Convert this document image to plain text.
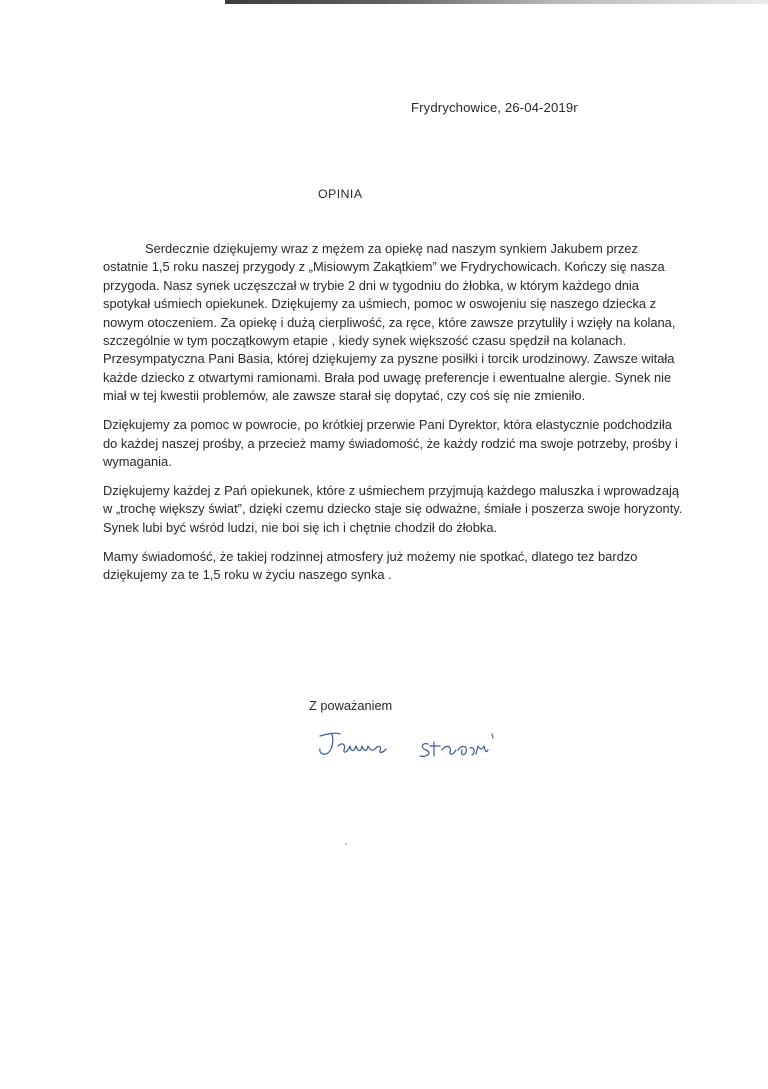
Frydrychowice, 26-04-2019r
OPINIA

Serdecznie dziękujemy wraz z mężem za opiekę nad naszym synkiem Jakubem przez ostatnie 1,5 roku naszej przygody z „Misiowym Zakątkiem” we Frydrychowicach. Kończy się nasza przygoda. Nasz synek uczęszczał w trybie 2 dni w tygodniu do żłobka, w którym każdego dnia spotykał uśmiech opiekunek. Dziękujemy za uśmiech, pomoc w oswojeniu się naszego dziecka z nowym otoczeniem. Za opiekę i dużą cierpliwość, za ręce, które zawsze przytuliły i wzięły na kolana, szczególnie w tym początkowym etapie , kiedy synek większość czasu spędził na kolanach. Przesympatyczna Pani Basia, której dziękujemy za pyszne posiłki i torcik urodzinowy. Zawsze witała każde dziecko z otwartymi ramionami. Brała pod uwagę preferencje i ewentualne alergie. Synek nie miał w tej kwestii problemów, ale zawsze starał się dopytać, czy coś się nie zmieniło.

Dziękujemy za pomoc w powrocie, po krótkiej przerwie Pani Dyrektor, która elastycznie podchodziła do każdej naszej prośby, a przecież mamy świadomość, że każdy rodzić ma swoje potrzeby, prośby i wymagania.

Dziękujemy każdej z Pań opiekunek, które z uśmiechem przyjmują każdego maluszka i wprowadzają w „trochę większy świat”, dzięki czemu dziecko staje się odważne, śmiałe i poszerza swoje horyzonty. Synek lubi być wśród ludzi, nie boi się ich i chętnie chodził do żłobka.

Mamy świadomość, że takiej rodzinnej atmosfery już możemy nie spotkać, dlatego tez bardzo dziękujemy za te 1,5 roku w życiu naszego synka .

Z poważaniem
